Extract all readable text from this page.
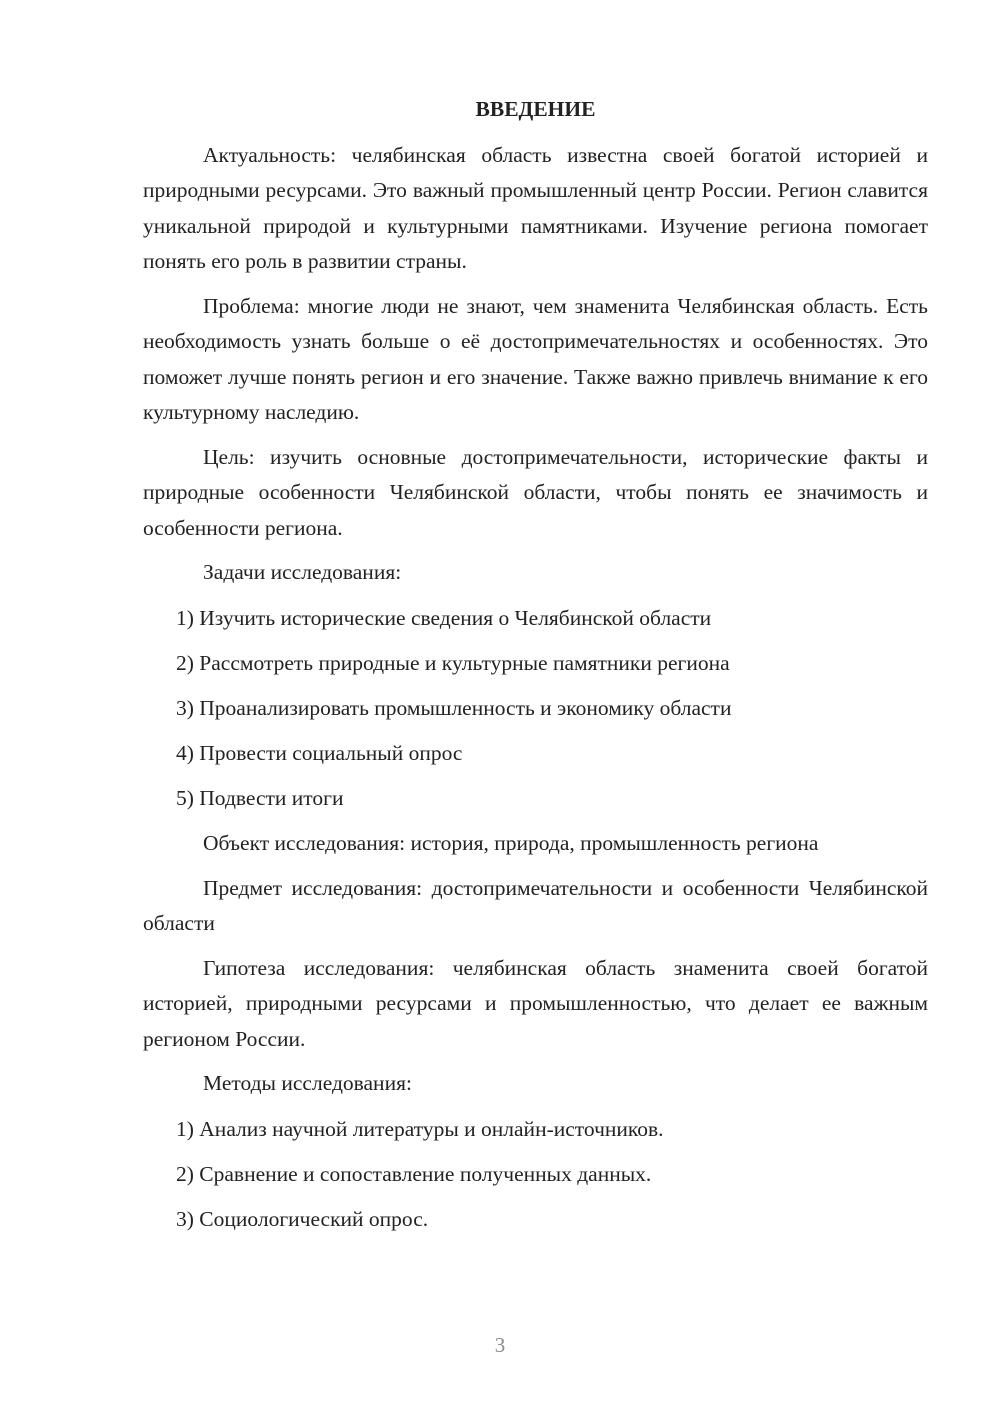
ВВЕДЕНИЕ

Актуальность: челябинская область известна своей богатой историей и природными ресурсами. Это важный промышленный центр России. Регион славится уникальной природой и культурными памятниками. Изучение региона помогает понять его роль в развитии страны.

Проблема: многие люди не знают, чем знаменита Челябинская область. Есть необходимость узнать больше о её достопримечательностях и особенностях. Это поможет лучше понять регион и его значение. Также важно привлечь внимание к его культурному наследию.

Цель: изучить основные достопримечательности, исторические факты и природные особенности Челябинской области, чтобы понять ее значимость и особенности региона.

Задачи исследования:

1) Изучить исторические сведения о Челябинской области
2) Рассмотреть природные и культурные памятники региона
3) Проанализировать промышленность и экономику области
4) Провести социальный опрос
5) Подвести итоги

Объект исследования: история, природа, промышленность региона

Предмет исследования: достопримечательности и особенности Челябинской области

Гипотеза исследования: челябинская область знаменита своей богатой историей, природными ресурсами и промышленностью, что делает ее важным регионом России.

Методы исследования:

1) Анализ научной литературы и онлайн-источников.
2) Сравнение и сопоставление полученных данных.
3) Социологический опрос.
3
